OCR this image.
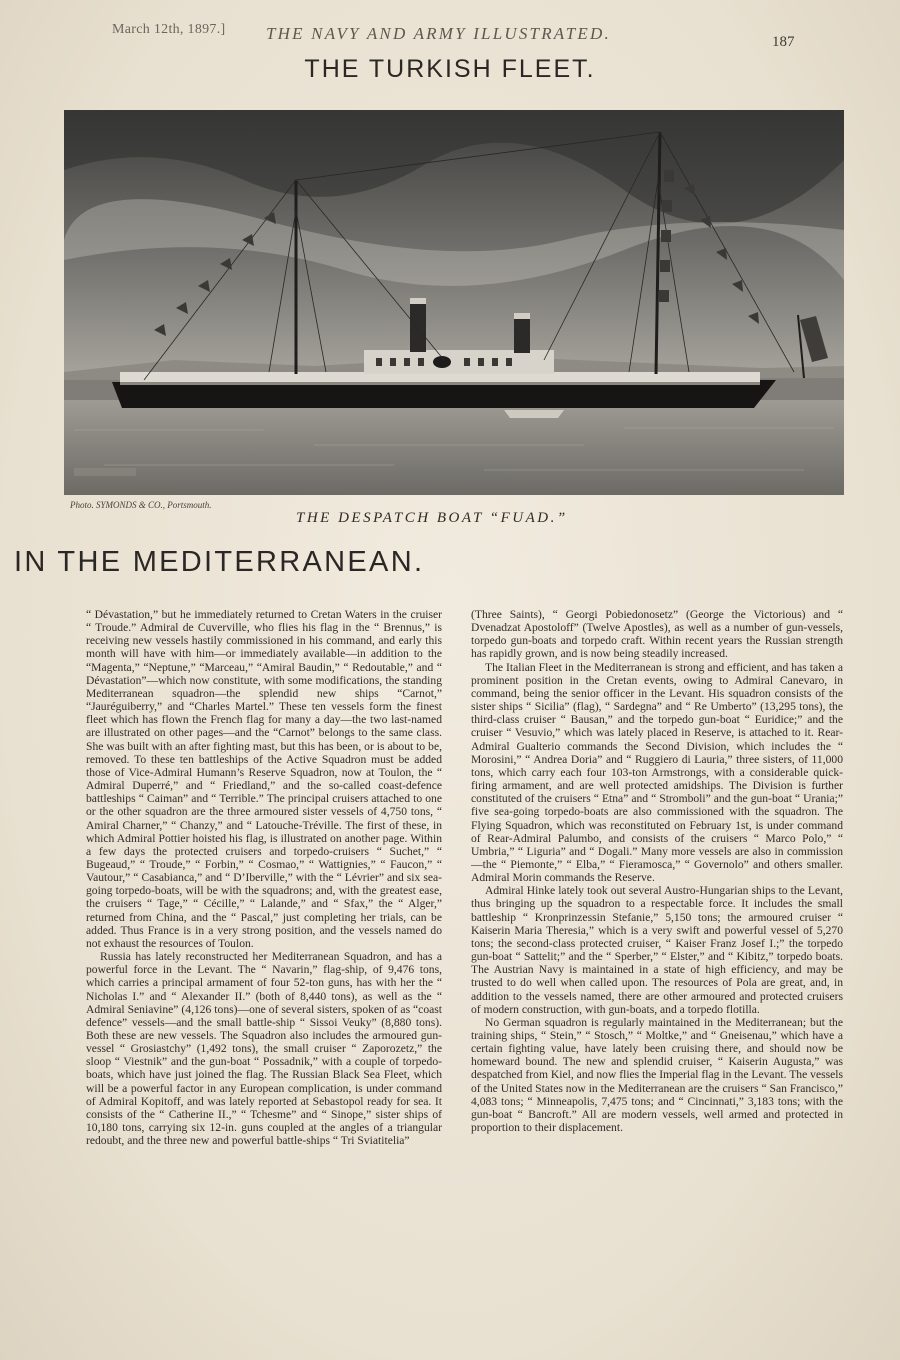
March 12th, 1897.] THE NAVY AND ARMY ILLUSTRATED.	187
THE TURKISH FLEET.
Photo. SYMONDS & CO., Portsmouth.
THE DESPATCH BOAT “FUAD.”
IN THE MEDITERRANEAN.

“ Dévastation,” but he immediately returned to Cretan Waters in the cruiser “ Troude.” Admiral de Cuverville, who flies his flag in the “ Brennus,” is receiving new vessels hastily commissioned in his command, and early this month will have with him—or immediately available—in addition to the “Magenta,” “Neptune,” “Marceau,” “Amiral Baudin,” “ Redoutable,” and “ Dévastation”—which now constitute, with some modifications, the standing Mediterranean squadron—the splendid new ships “Carnot,” “Jauréguiberry,” and “Charles Martel.” These ten vessels form the finest fleet which has flown the French flag for many a day—the two last-named are illustrated on other pages—and the “Carnot” belongs to the same class. She was built with an after fighting mast, but this has been, or is about to be, removed. To these ten battleships of the Active Squadron must be added those of Vice-Admiral Humann’s Reserve Squadron, now at Toulon, the “ Admiral Duperré,” and “ Friedland,” and the so-called coast-defence battleships “ Caiman” and “ Terrible.” The principal cruisers attached to one or the other squadron are the three armoured sister vessels of 4,750 tons, “ Amiral Charner,” “ Chanzy,” and “ Latouche-Tréville. The first of these, in which Admiral Pottier hoisted his flag, is illustrated on another page. Within a few days the protected cruisers and torpedo-cruisers “ Suchet,” “ Bugeaud,” “ Troude,” “ Forbin,” “ Cosmao,” “ Wattignies,” “ Faucon,” “ Vautour,” “ Casabianca,” and “ D’Iberville,” with the “ Lévrier” and six sea-going torpedo-boats, will be with the squadrons; and, with the greatest ease, the cruisers “ Tage,” “ Cécille,” “ Lalande,” and “ Sfax,” the “ Alger,” returned from China, and the “ Pascal,” just completing her trials, can be added. Thus France is in a very strong position, and the vessels named do not exhaust the resources of Toulon.

Russia has lately reconstructed her Mediterranean Squadron, and has a powerful force in the Levant. The “ Navarin,” flag-ship, of 9,476 tons, which carries a principal armament of four 52-ton guns, has with her the “ Nicholas I.” and “ Alexander II.” (both of 8,440 tons), as well as the “ Admiral Seniavine” (4,126 tons)—one of several sisters, spoken of as “coast defence” vessels—and the small battle-ship “ Sissoi Veuky” (8,880 tons). Both these are new vessels. The Squadron also includes the armoured gun-vessel “ Grosiastchy” (1,492 tons), the small cruiser “ Zaporozetz,” the sloop “ Viestnik” and the gun-boat “ Possadnik,” with a couple of torpedo-boats, which have just joined the flag. The Russian Black Sea Fleet, which will be a powerful factor in any European complication, is under command of Admiral Kopitoff, and was lately reported at Sebastopol ready for sea. It consists of the “ Catherine II.,” “ Tchesme” and “ Sinope,” sister ships of 10,180 tons, carrying six 12-in. guns coupled at the angles of a triangular redoubt, and the three new and powerful battle-ships “ Tri Sviatitelia”

(Three Saints), “ Georgi Pobiedonosetz” (George the Victorious) and “ Dvenadzat Apostoloff” (Twelve Apostles), as well as a number of gun-vessels, torpedo gun-boats and torpedo craft. Within recent years the Russian strength has rapidly grown, and is now being steadily increased.

The Italian Fleet in the Mediterranean is strong and efficient, and has taken a prominent position in the Cretan events, owing to Admiral Canevaro, in command, being the senior officer in the Levant. His squadron consists of the sister ships “ Sicilia” (flag), “ Sardegna” and “ Re Umberto” (13,295 tons), the third-class cruiser “ Bausan,” and the torpedo gun-boat “ Euridice;” and the cruiser “ Vesuvio,” which was lately placed in Reserve, is attached to it. Rear-Admiral Gualterio commands the Second Division, which includes the “ Morosini,” “ Andrea Doria” and “ Ruggiero di Lauria,” three sisters, of 11,000 tons, which carry each four 103-ton Armstrongs, with a considerable quick-firing armament, and are well protected amidships. The Division is further constituted of the cruisers “ Etna” and “ Stromboli” and the gun-boat “ Urania;” five sea-going torpedo-boats are also commissioned with the squadron. The Flying Squadron, which was reconstituted on February 1st, is under command of Rear-Admiral Palumbo, and consists of the cruisers “ Marco Polo,” “ Umbria,” “ Liguria” and “ Dogali.” Many more vessels are also in commission—the “ Piemonte,” “ Elba,” “ Fieramosca,” “ Governolo” and others smaller. Admiral Morin commands the Reserve.

Admiral Hinke lately took out several Austro-Hungarian ships to the Levant, thus bringing up the squadron to a respectable force. It includes the small battleship “ Kronprinzessin Stefanie,” 5,150 tons; the armoured cruiser “ Kaiserin Maria Theresia,” which is a very swift and powerful vessel of 5,270 tons; the second-class protected cruiser, “ Kaiser Franz Josef I.;” the torpedo gun-boat “ Sattelit;” and the “ Sperber,” “ Elster,” and “ Kibitz,” torpedo boats. The Austrian Navy is maintained in a state of high efficiency, and may be trusted to do well when called upon. The resources of Pola are great, and, in addition to the vessels named, there are other armoured and protected cruisers of modern construction, with gun-boats, and a torpedo flotilla.

No German squadron is regularly maintained in the Mediterranean; but the training ships, “ Stein,” “ Stosch,” “ Moltke,” and “ Gneisenau,” which have a certain fighting value, have lately been cruising there, and should now be homeward bound. The new and splendid cruiser, “ Kaiserin Augusta,” was despatched from Kiel, and now flies the Imperial flag in the Levant. The vessels of the United States now in the Mediterranean are the cruisers “ San Francisco,” 4,083 tons; “ Minneapolis, 7,475 tons; and “ Cincinnati,” 3,183 tons; with the gun-boat “ Bancroft.” All are modern vessels, well armed and protected in proportion to their displacement.
